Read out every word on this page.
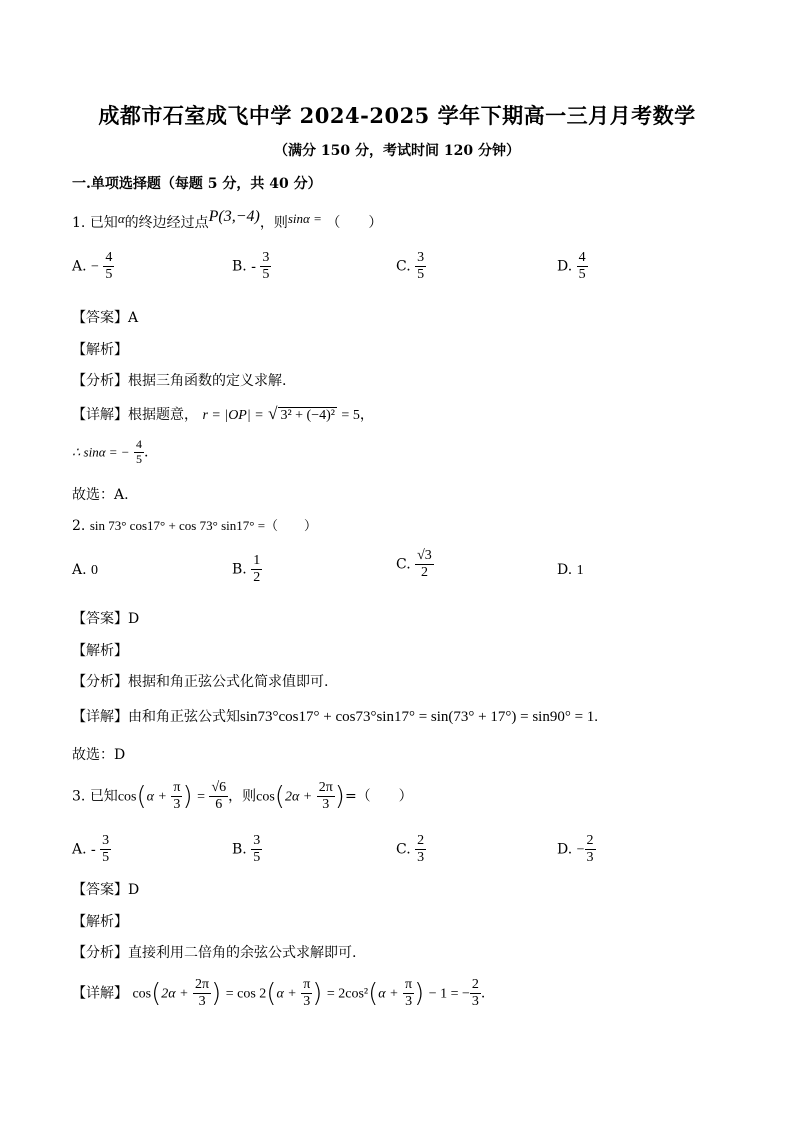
成都市石室成飞中学 2024-2025 学年下期高一三月月考数学
（满分 150 分，考试时间 120 分钟）
一.单项选择题（每题 5 分，共 40 分）
1. 已知α的终边经过点P(3,−4)，则sinα = （　　）
A. − $\frac{4}{5}$	B. - $\frac{3}{5}$	C. $\frac{3}{5}$	D. $\frac{4}{5}$
【答案】A
【解析】
【分析】根据三角函数的定义求解.
【详解】根据题意， r = |OP| = √ 3² + (−4)² = 5，
∴ sinα = − $\frac{4}{5}$ .
故选：A.
2. sin 73° cos17° + cos 73° sin17° =（　　）
A. 0	B. $\frac{1}{2}$	C. $\frac{√3}{2}$	D. 1
【答案】D
【解析】
【分析】根据和角正弦公式化简求值即可.
【详解】由和角正弦公式知sin73°cos17° + cos73°sin17° = sin(73° + 17°) = sin90° = 1.
故选：D
3. 已知$\cos(\alpha + \frac{\pi}{3}$ ) = $\frac{√6}{6}$ ，则$\cos(2\alpha + \frac{2\pi}{3}$ )=（　　）
A. - $\frac{3}{5}$	B. $\frac{3}{5}$	C. $\frac{2}{3}$	D. − $\frac{2}{3}$
【答案】D
【解析】
【分析】直接利用二倍角的余弦公式求解即可.
【详解】 $\cos(2\alpha + \frac{2\pi}{3}$ ) = $\cos 2(\alpha + \frac{\pi}{3}$ ) = $2\cos^2(\alpha + \frac{\pi}{3}$ ) − 1 = − $\frac{2}{3}$ .
